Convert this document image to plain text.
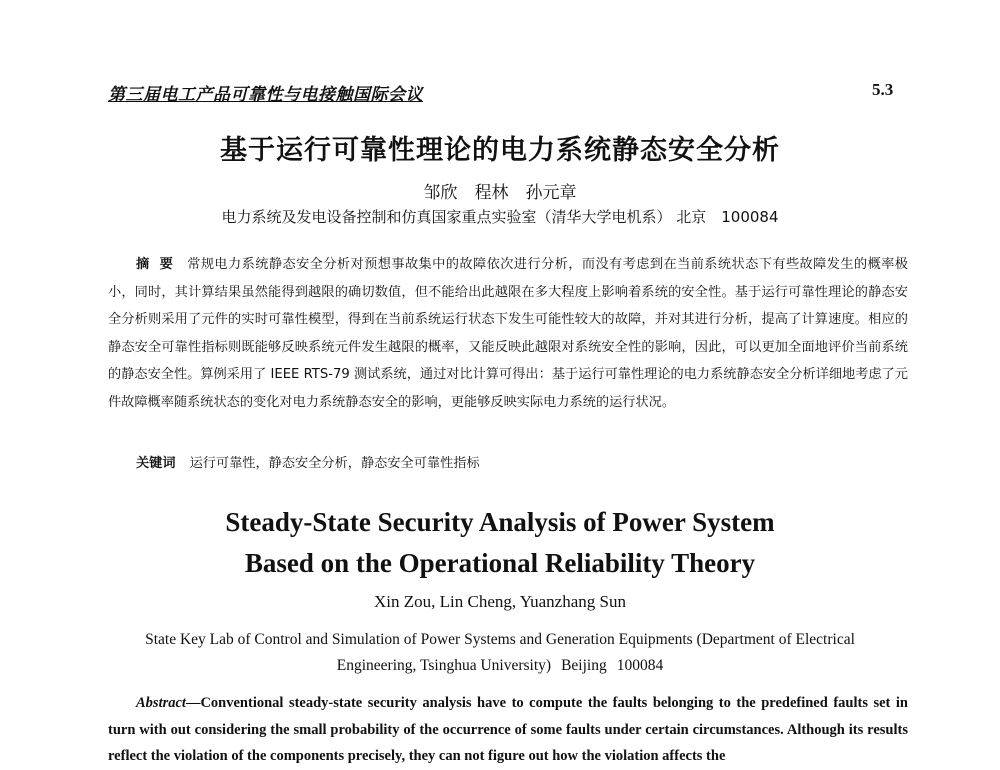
第三届电工产品可靠性与电接触国际会议	5.3
基于运行可靠性理论的电力系统静态安全分析
邹欣　程林　孙元章
电力系统及发电设备控制和仿真国家重点实验室（清华大学电机系） 北京　100084
摘要 常规电力系统静态安全分析对预想事故集中的故障依次进行分析，而没有考虑到在当前系统状态下有些故障发生的概率极小，同时，其计算结果虽然能得到越限的确切数值，但不能给出此越限在多大程度上影响着系统的安全性。基于运行可靠性理论的静态安全分析则采用了元件的实时可靠性模型，得到在当前系统运行状态下发生可能性较大的故障，并对其进行分析，提高了计算速度。相应的静态安全可靠性指标则既能够反映系统元件发生越限的概率，又能反映此越限对系统安全性的影响，因此，可以更加全面地评价当前系统的静态安全性。算例采用了 IEEE RTS-79 测试系统，通过对比计算可得出：基于运行可靠性理论的电力系统静态安全分析详细地考虑了元件故障概率随系统状态的变化对电力系统静态安全的影响，更能够反映实际电力系统的运行状况。
关键词 运行可靠性，静态安全分析，静态安全可靠性指标
Steady-State Security Analysis of Power System
Based on the Operational Reliability Theory
Xin Zou, Lin Cheng, Yuanzhang Sun
State Key Lab of Control and Simulation of Power Systems and Generation Equipments (Department of Electrical
Engineering, Tsinghua University) Beijing 100084
Abstract—Conventional steady-state security analysis have to compute the faults belonging to the predefined faults set in turn with out considering the small probability of the occurrence of some faults under certain circumstances. Although its results reflect the violation of the components precisely, they can not figure out how the violation affects the
